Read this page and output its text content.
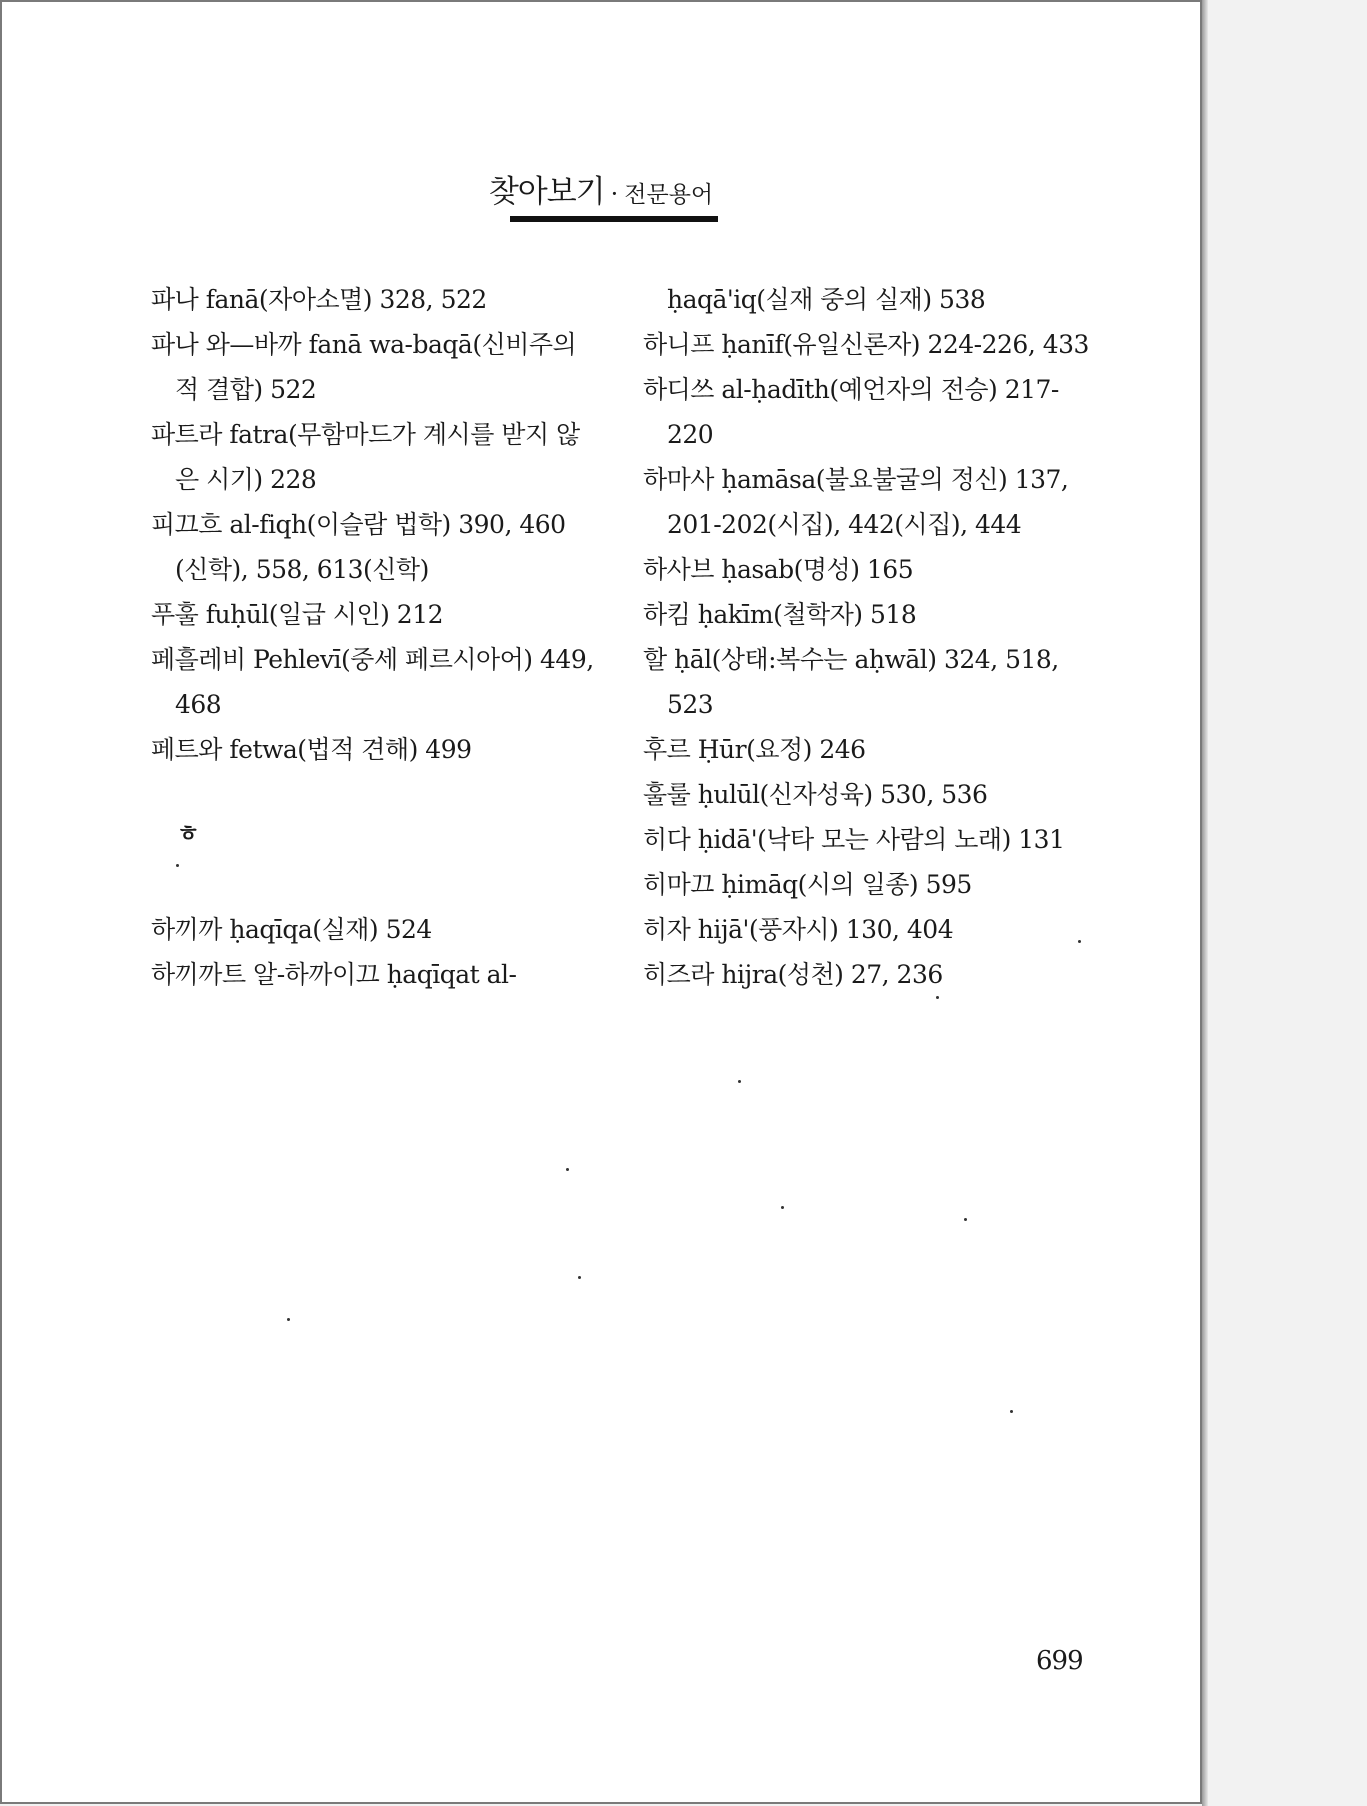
찾아보기 · 전문용어
파나 fanā(자아소멸) 328, 522
파나 와—바까 fanā wa-baqā(신비주의
적 결합) 522
파트라 fatra(무함마드가 계시를 받지 않
은 시기) 228
피끄흐 al-fiqh(이슬람 법학) 390, 460
(신학), 558, 613(신학)
푸훌 fuḥūl(일급 시인) 212
페흘레비 Pehlevī(중세 페르시아어) 449,
468
페트와 fetwa(법적 견해) 499
ㅎ
하끼까 ḥaqīqa(실재) 524
하끼까트 알-하까이끄 ḥaqīqat al-
ḥaqā'iq(실재 중의 실재) 538
하니프 ḥanīf(유일신론자) 224-226, 433
하디쓰 al-ḥadīth(예언자의 전승) 217-
220
하마사 ḥamāsa(불요불굴의 정신) 137,
201-202(시집), 442(시집), 444
하사브 ḥasab(명성) 165
하킴 ḥakīm(철학자) 518
할 ḥāl(상태:복수는 aḥwāl) 324, 518,
523
후르 Ḥūr(요정) 246
훌룰 ḥulūl(신자성육) 530, 536
히다 ḥidā'(낙타 모는 사람의 노래) 131
히마끄 ḥimāq(시의 일종) 595
히자 hijā'(풍자시) 130, 404
히즈라 hijra(성천) 27, 236
699
